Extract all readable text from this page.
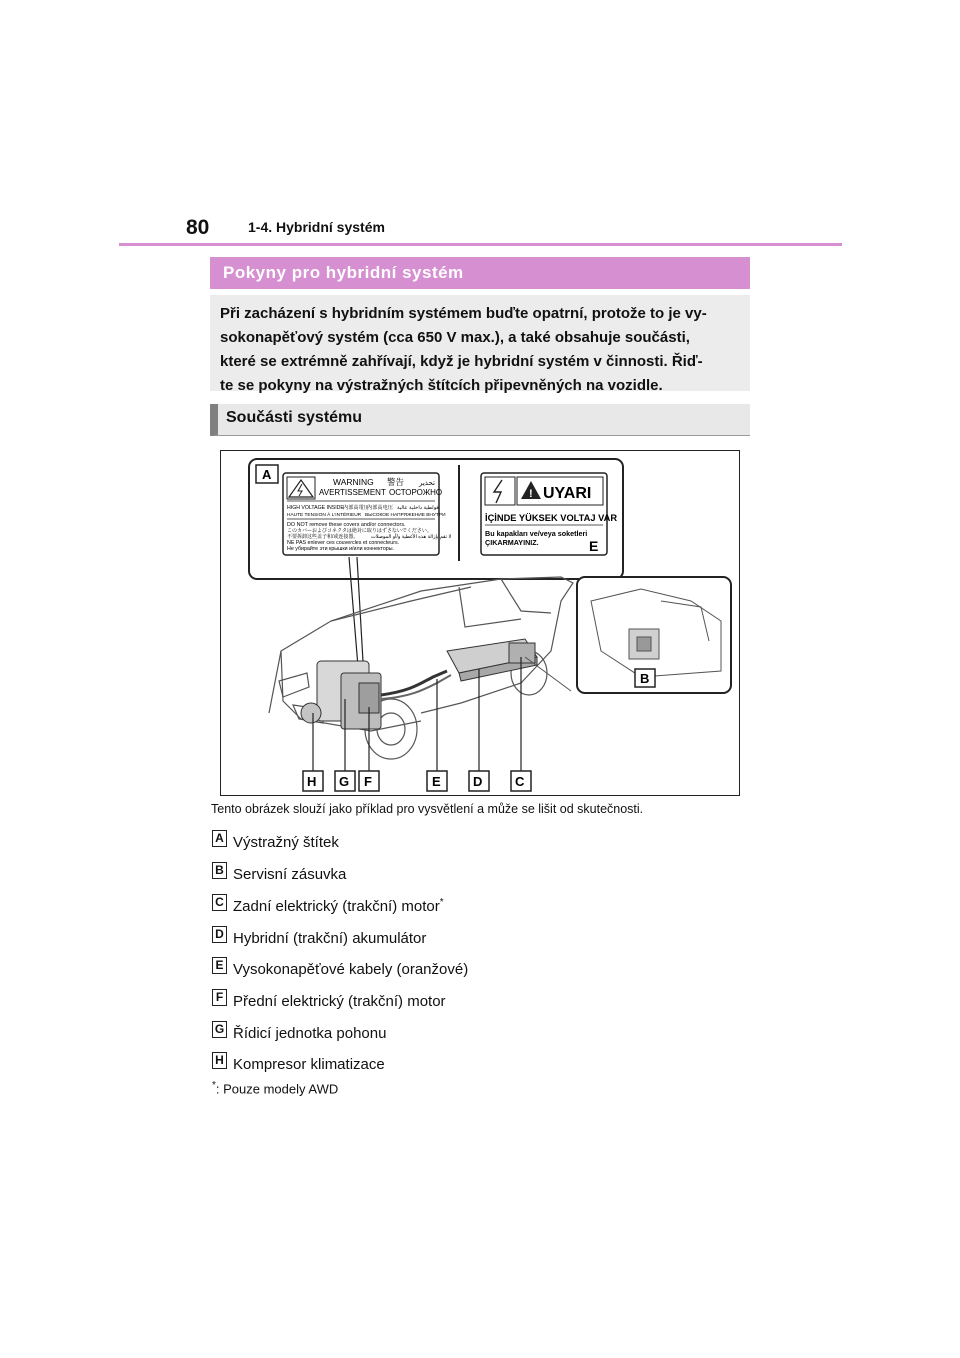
80	1-4. Hybridní systém
Pokyny pro hybridní systém
Při zacházení s hybridním systémem buďte opatrní, protože to je vy-
sokonapěťový systém (cca 650 V max.), a také obsahuje součásti,
které se extrémně zahřívají, když je hybridní systém v činnosti. Řiď-
te se pokyny na výstražných štítcích připevněných na vozidle.
Součásti systému
A	WARNING 警告 تحذير
AVERTISSEMENT ОСТОРОЖНО
HIGH VOLTAGE INSIDE 内部高電圧
内部高电压 فولطية داخلية عالية
HAUTE TENSION À L'INTÉRIEUR ВЫСОКОЕ НАПРЯЖЕНИЕ ВНУТРИ
DO NOT remove these covers and/or connectors.
このカバーおよびコネクタは絶対に取りはずさないでください。
不要拆卸这些盖子和/或连接器。	لا تقم بإزالة هذه الأغطية و/أو الموصلات
NE PAS enlever ces couvercles et connecteurs.
Не убирайте эти крышки и/или коннекторы.
! UYARI
İÇİNDE YÜKSEK VOLTAJ VAR
Bu kapakları ve/veya soketleri
ÇIKARMAYINIZ.	E
B
H G F	E D	C
Tento obrázek slouží jako příklad pro vysvětlení a může se lišit od skutečnosti.
A Výstražný štítek
B Servisní zásuvka
C Zadní elektrický (trakční) motor*
D Hybridní (trakční) akumulátor
E Vysokonapěťové kabely (oranžové)
F Přední elektrický (trakční) motor
G Řídicí jednotka pohonu
H Kompresor klimatizace
*: Pouze modely AWD
